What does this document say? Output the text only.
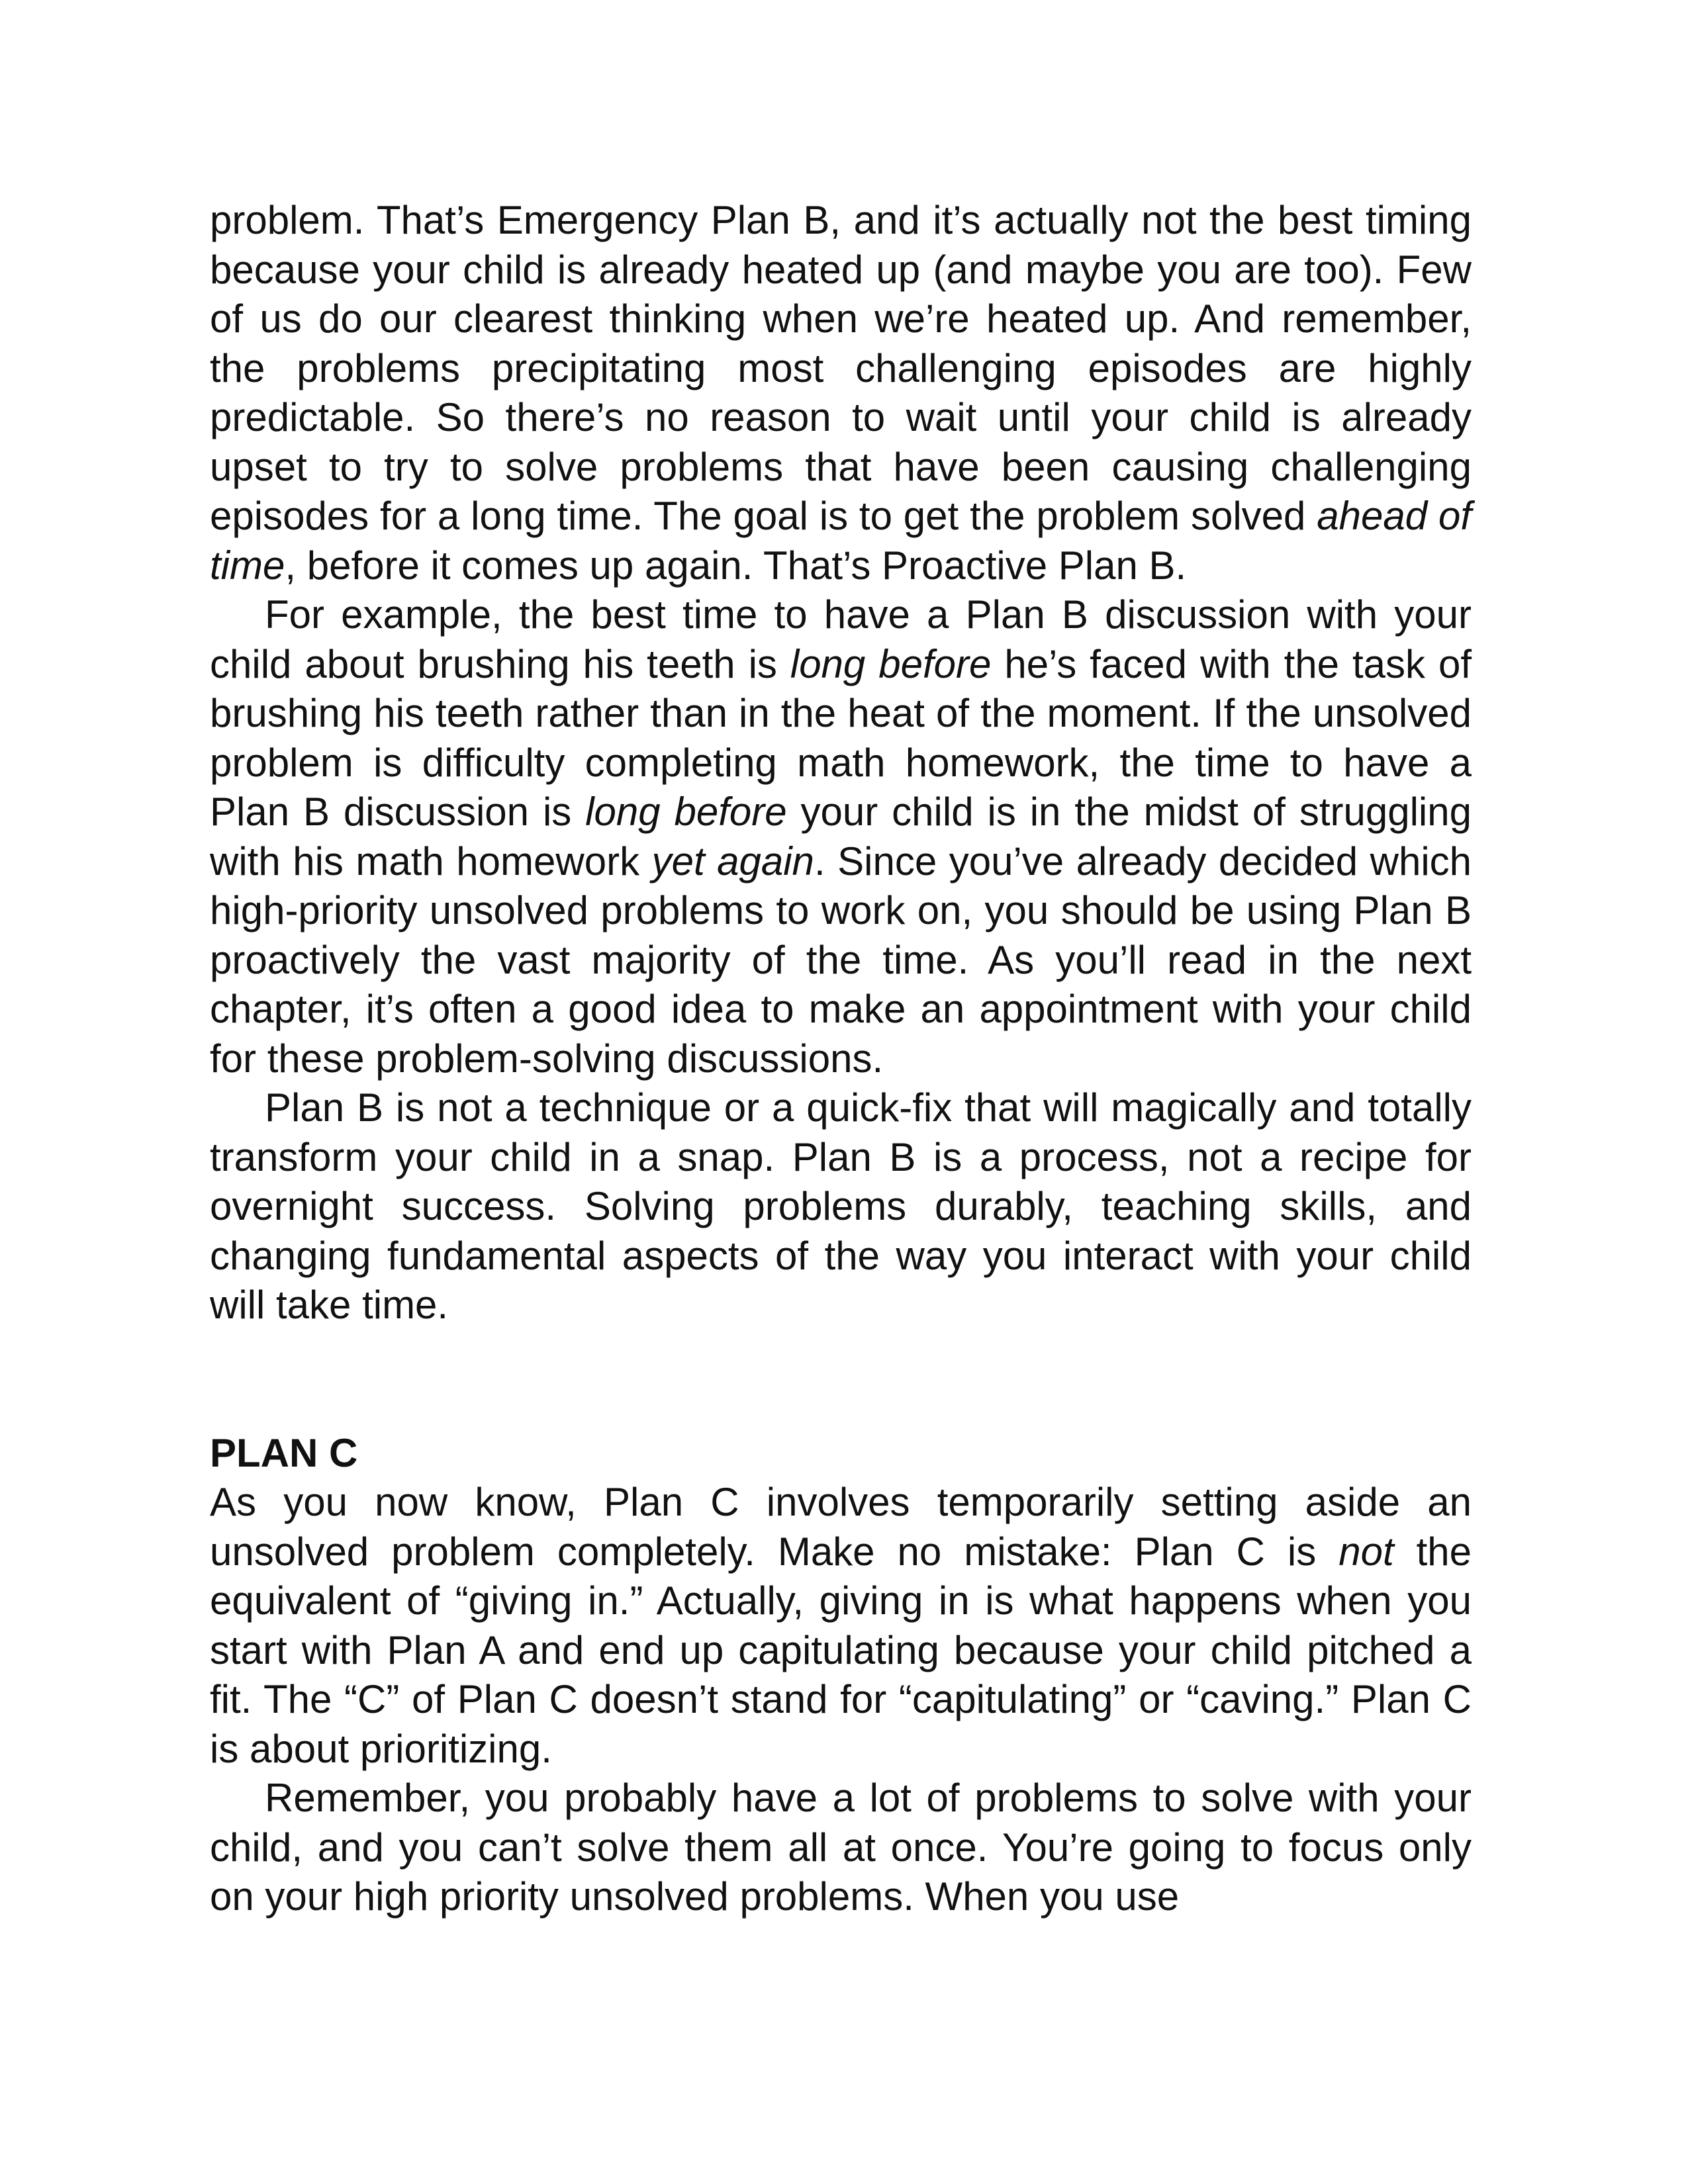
problem. That’s Emergency Plan B, and it’s actually not the best timing because your child is already heated up (and maybe you are too). Few of us do our clearest thinking when we’re heated up. And remember, the problems precipitating most challenging episodes are highly predictable. So there’s no reason to wait until your child is already upset to try to solve problems that have been causing challenging episodes for a long time. The goal is to get the problem solved ahead of time, before it comes up again. That’s Proactive Plan B.

For example, the best time to have a Plan B discussion with your child about brushing his teeth is long before he’s faced with the task of brushing his teeth rather than in the heat of the moment. If the unsolved problem is difficulty completing math homework, the time to have a Plan B discussion is long before your child is in the midst of struggling with his math homework yet again. Since you’ve already decided which high-priority unsolved problems to work on, you should be using Plan B proactively the vast majority of the time. As you’ll read in the next chapter, it’s often a good idea to make an appointment with your child for these problem-solving discussions.

Plan B is not a technique or a quick-fix that will magically and totally transform your child in a snap. Plan B is a process, not a recipe for overnight success. Solving problems durably, teaching skills, and changing fundamental aspects of the way you interact with your child will take time.

PLAN C

As you now know, Plan C involves temporarily setting aside an unsolved problem completely. Make no mistake: Plan C is not the equivalent of “giving in.” Actually, giving in is what happens when you start with Plan A and end up capitulating because your child pitched a fit. The “C” of Plan C doesn’t stand for “capitulating” or “caving.” Plan C is about prioritizing.

Remember, you probably have a lot of problems to solve with your child, and you can’t solve them all at once. You’re going to focus only on your high priority unsolved problems. When you use
